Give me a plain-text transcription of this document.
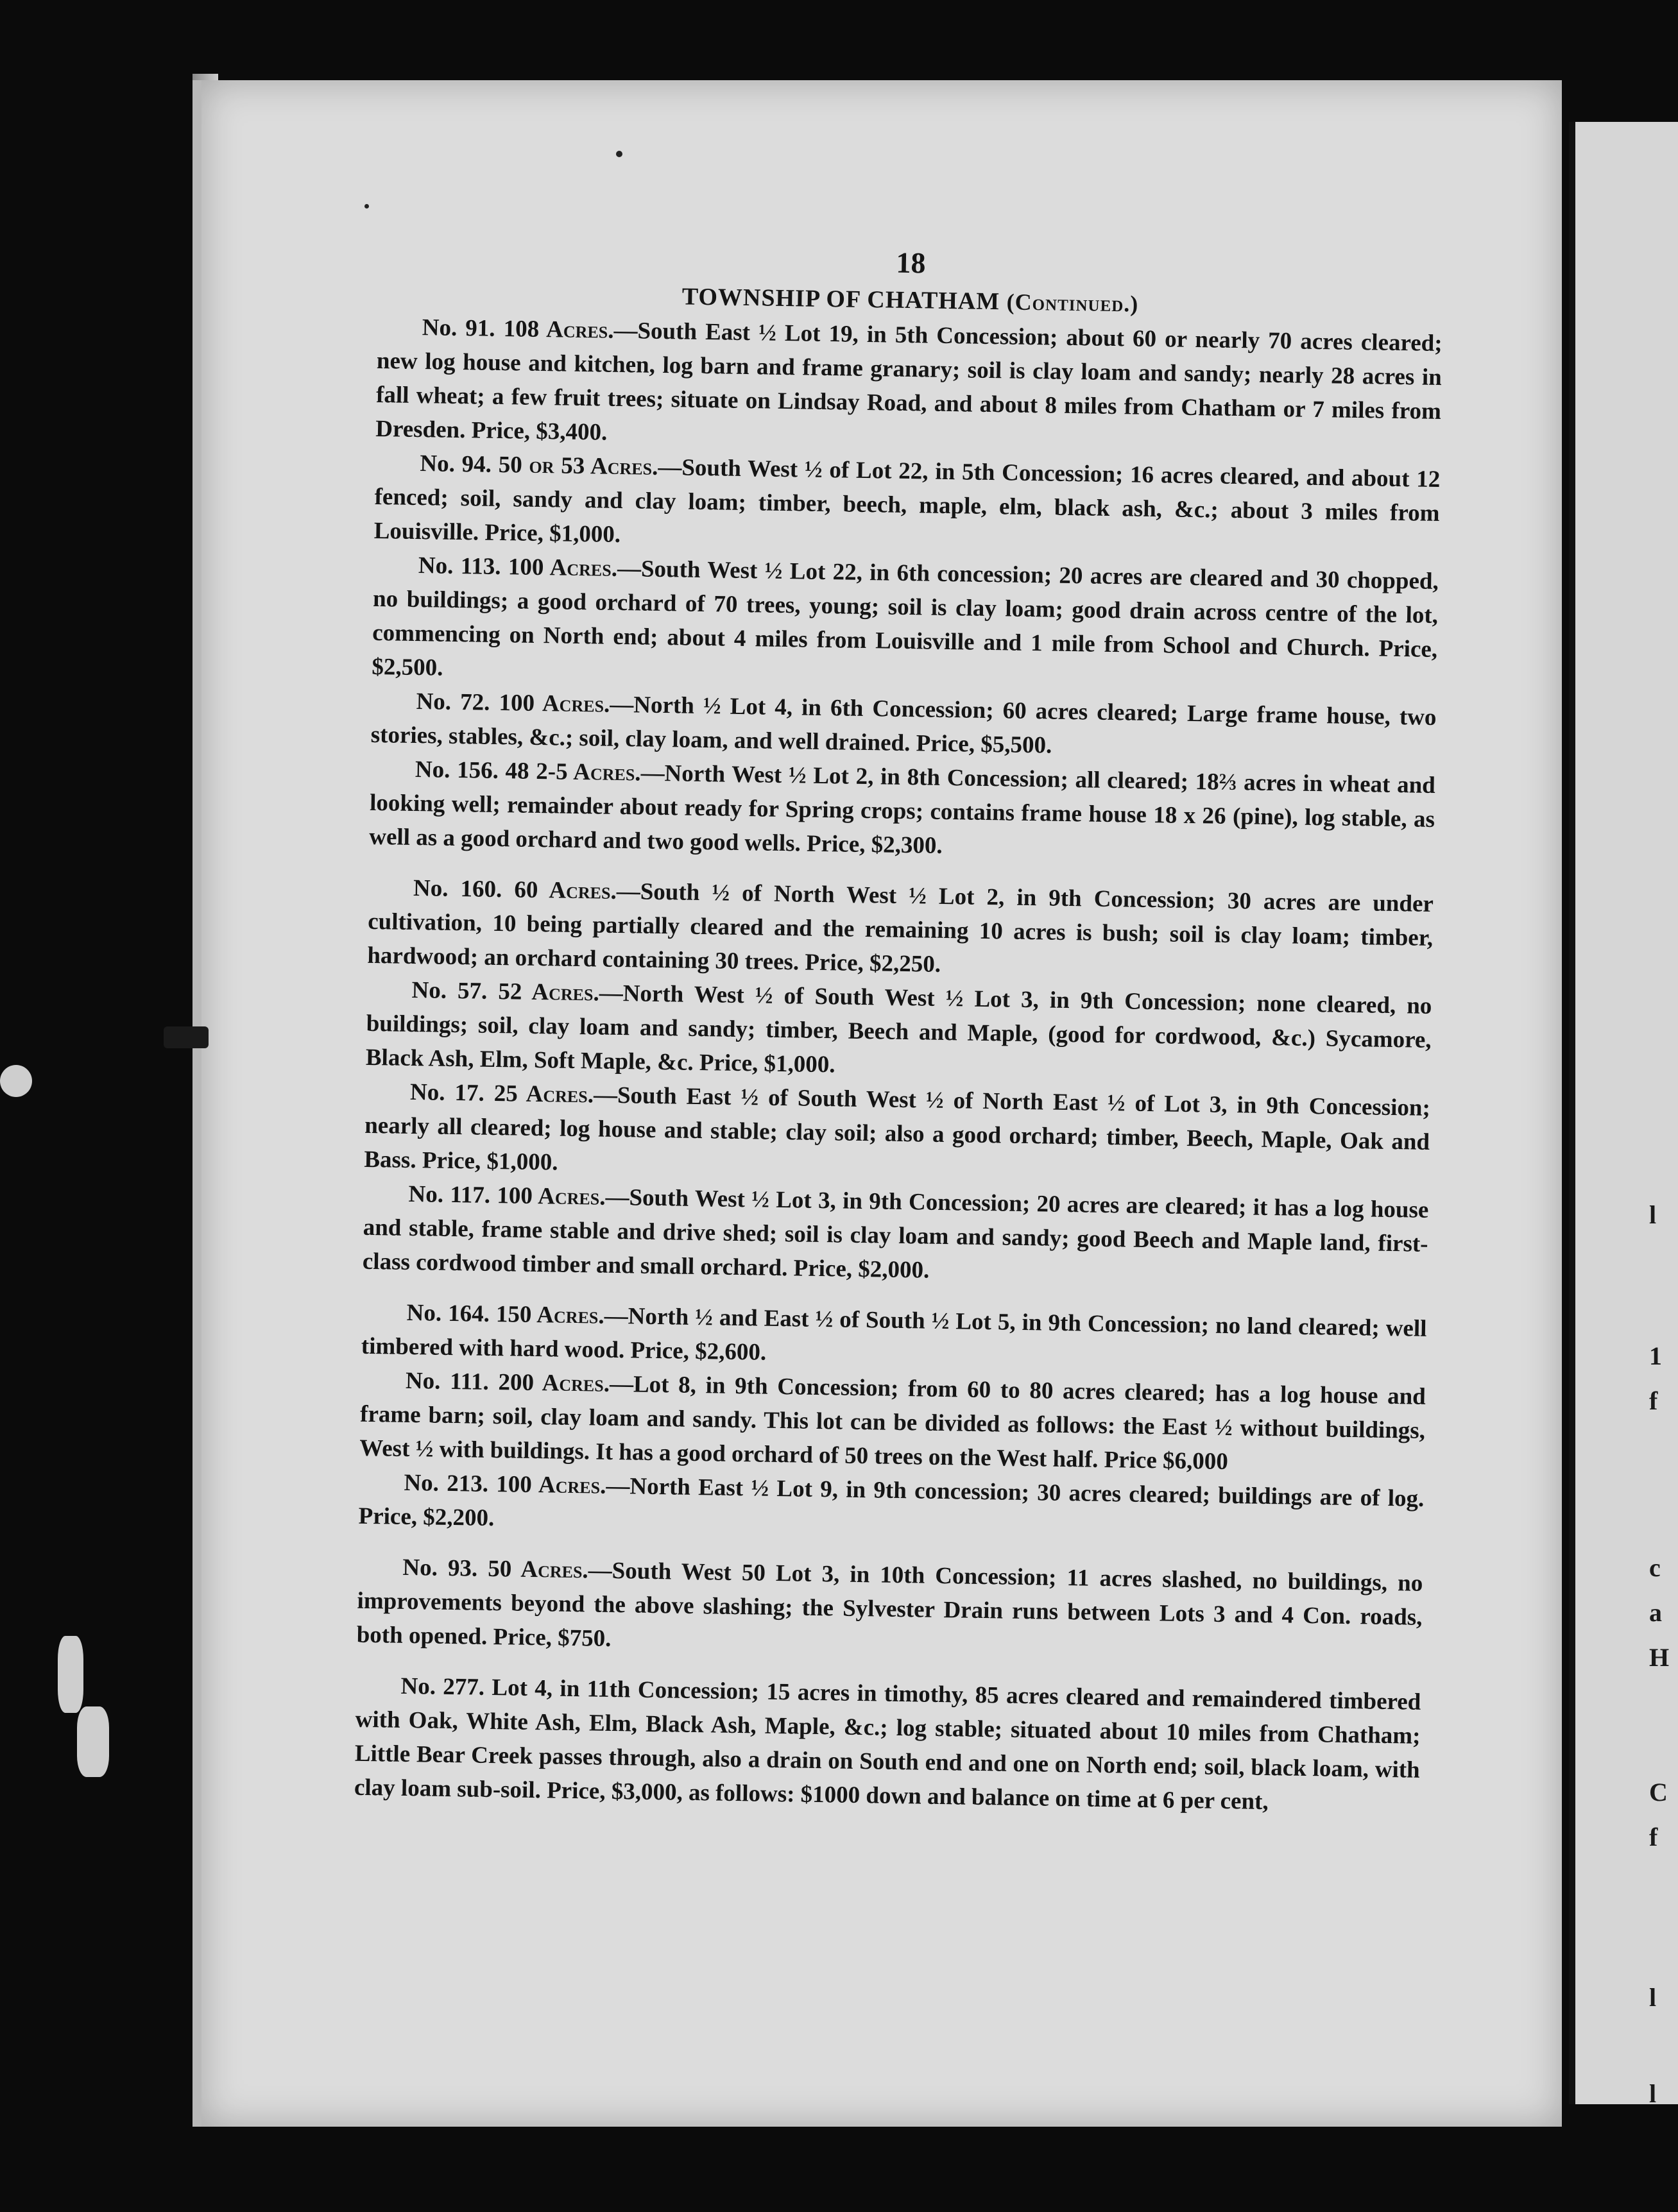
l
1
f
c
a
H
C
f
l
l
18
TOWNSHIP OF CHATHAM (Continued.)

No. 91. 108 Acres.—South East ½ Lot 19, in 5th Concession; about 60 or nearly 70 acres cleared; new log house and kitchen, log barn and frame granary; soil is clay loam and sandy; nearly 28 acres in fall wheat; a few fruit trees; situate on Lindsay Road, and about 8 miles from Chatham or 7 miles from Dresden. Price, $3,400.

No. 94. 50 or 53 Acres.—South West ½ of Lot 22, in 5th Concession; 16 acres cleared, and about 12 fenced; soil, sandy and clay loam; timber, beech, maple, elm, black ash, &c.; about 3 miles from Louisville. Price, $1,000.

No. 113. 100 Acres.—South West ½ Lot 22, in 6th concession; 20 acres are cleared and 30 chopped, no buildings; a good orchard of 70 trees, young; soil is clay loam; good drain across centre of the lot, commencing on North end; about 4 miles from Louisville and 1 mile from School and Church. Price, $2,500.

No. 72. 100 Acres.—North ½ Lot 4, in 6th Concession; 60 acres cleared; Large frame house, two stories, stables, &c.; soil, clay loam, and well drained. Price, $5,500.

No. 156. 48 2-5 Acres.—North West ½ Lot 2, in 8th Concession; all cleared; 18⅔ acres in wheat and looking well; remainder about ready for Spring crops; contains frame house 18 x 26 (pine), log stable, as well as a good orchard and two good wells. Price, $2,300.

No. 160. 60 Acres.—South ½ of North West ½ Lot 2, in 9th Concession; 30 acres are under cultivation, 10 being partially cleared and the remaining 10 acres is bush; soil is clay loam; timber, hardwood; an orchard containing 30 trees. Price, $2,250.

No. 57. 52 Acres.—North West ½ of South West ½ Lot 3, in 9th Concession; none cleared, no buildings; soil, clay loam and sandy; timber, Beech and Maple, (good for cordwood, &c.) Sycamore, Black Ash, Elm, Soft Maple, &c. Price, $1,000.

No. 17. 25 Acres.—South East ½ of South West ½ of North East ½ of Lot 3, in 9th Concession; nearly all cleared; log house and stable; clay soil; also a good orchard; timber, Beech, Maple, Oak and Bass. Price, $1,000.

No. 117. 100 Acres.—South West ½ Lot 3, in 9th Concession; 20 acres are cleared; it has a log house and stable, frame stable and drive shed; soil is clay loam and sandy; good Beech and Maple land, first-class cordwood timber and small orchard. Price, $2,000.

No. 164. 150 Acres.—North ½ and East ½ of South ½ Lot 5, in 9th Concession; no land cleared; well timbered with hard wood. Price, $2,600.

No. 111. 200 Acres.—Lot 8, in 9th Concession; from 60 to 80 acres cleared; has a log house and frame barn; soil, clay loam and sandy. This lot can be divided as follows: the East ½ without buildings, West ½ with buildings. It has a good orchard of 50 trees on the West half. Price $6,000

No. 213. 100 Acres.—North East ½ Lot 9, in 9th concession; 30 acres cleared; buildings are of log. Price, $2,200.

No. 93. 50 Acres.—South West 50 Lot 3, in 10th Concession; 11 acres slashed, no buildings, no improvements beyond the above slashing; the Sylvester Drain runs between Lots 3 and 4 Con. roads, both opened. Price, $750.

No. 277. Lot 4, in 11th Concession; 15 acres in timothy, 85 acres cleared and remaindered timbered with Oak, White Ash, Elm, Black Ash, Maple, &c.; log stable; situated about 10 miles from Chatham; Little Bear Creek passes through, also a drain on South end and one on North end; soil, black loam, with clay loam sub-soil. Price, $3,000, as follows: $1000 down and balance on time at 6 per cent,
